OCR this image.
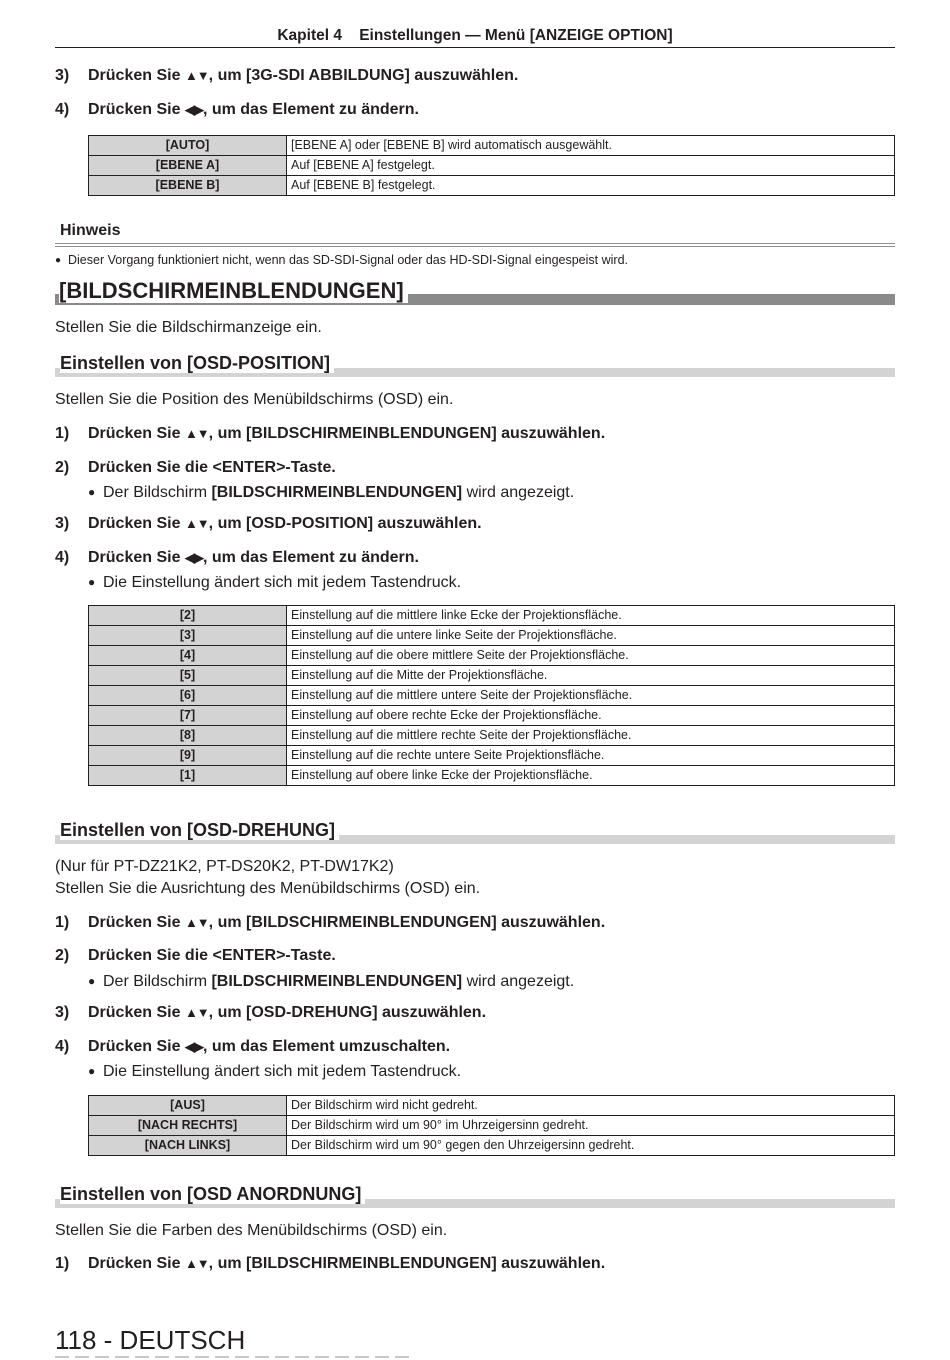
Kapitel 4    Einstellungen — Menü [ANZEIGE OPTION]
3) Drücken Sie ▲▼, um [3G-SDI ABBILDUNG] auszuwählen.
4) Drücken Sie ◀▶, um das Element zu ändern.
[AUTO]	[EBENE A] oder [EBENE B] wird automatisch ausgewählt.
[EBENE A]	Auf [EBENE A] festgelegt.
[EBENE B]	Auf [EBENE B] festgelegt.
Hinweis
● Dieser Vorgang funktioniert nicht, wenn das SD-SDI-Signal oder das HD-SDI-Signal eingespeist wird.
[BILDSCHIRMEINBLENDUNGEN]
Stellen Sie die Bildschirmanzeige ein.
Einstellen von [OSD-POSITION]
Stellen Sie die Position des Menübildschirms (OSD) ein.
1) Drücken Sie ▲▼, um [BILDSCHIRMEINBLENDUNGEN] auszuwählen.
2) Drücken Sie die <ENTER>-Taste.
● Der Bildschirm [BILDSCHIRMEINBLENDUNGEN] wird angezeigt.
3) Drücken Sie ▲▼, um [OSD-POSITION] auszuwählen.
4) Drücken Sie ◀▶, um das Element zu ändern.
● Die Einstellung ändert sich mit jedem Tastendruck.
[2]	Einstellung auf die mittlere linke Ecke der Projektionsfläche.
[3]	Einstellung auf die untere linke Seite der Projektionsfläche.
[4]	Einstellung auf die obere mittlere Seite der Projektionsfläche.
[5]	Einstellung auf die Mitte der Projektionsfläche.
[6]	Einstellung auf die mittlere untere Seite der Projektionsfläche.
[7]	Einstellung auf obere rechte Ecke der Projektionsfläche.
[8]	Einstellung auf die mittlere rechte Seite der Projektionsfläche.
[9]	Einstellung auf die rechte untere Seite Projektionsfläche.
[1]	Einstellung auf obere linke Ecke der Projektionsfläche.
Einstellen von [OSD-DREHUNG]
(Nur für PT-DZ21K2, PT-DS20K2, PT-DW17K2)
Stellen Sie die Ausrichtung des Menübildschirms (OSD) ein.
1) Drücken Sie ▲▼, um [BILDSCHIRMEINBLENDUNGEN] auszuwählen.
2) Drücken Sie die <ENTER>-Taste.
● Der Bildschirm [BILDSCHIRMEINBLENDUNGEN] wird angezeigt.
3) Drücken Sie ▲▼, um [OSD-DREHUNG] auszuwählen.
4) Drücken Sie ◀▶, um das Element umzuschalten.
● Die Einstellung ändert sich mit jedem Tastendruck.
[AUS]	Der Bildschirm wird nicht gedreht.
[NACH RECHTS]	Der Bildschirm wird um 90° im Uhrzeigersinn gedreht.
[NACH LINKS]	Der Bildschirm wird um 90° gegen den Uhrzeigersinn gedreht.
Einstellen von [OSD ANORDNUNG]
Stellen Sie die Farben des Menübildschirms (OSD) ein.
1) Drücken Sie ▲▼, um [BILDSCHIRMEINBLENDUNGEN] auszuwählen.
118 - DEUTSCH
